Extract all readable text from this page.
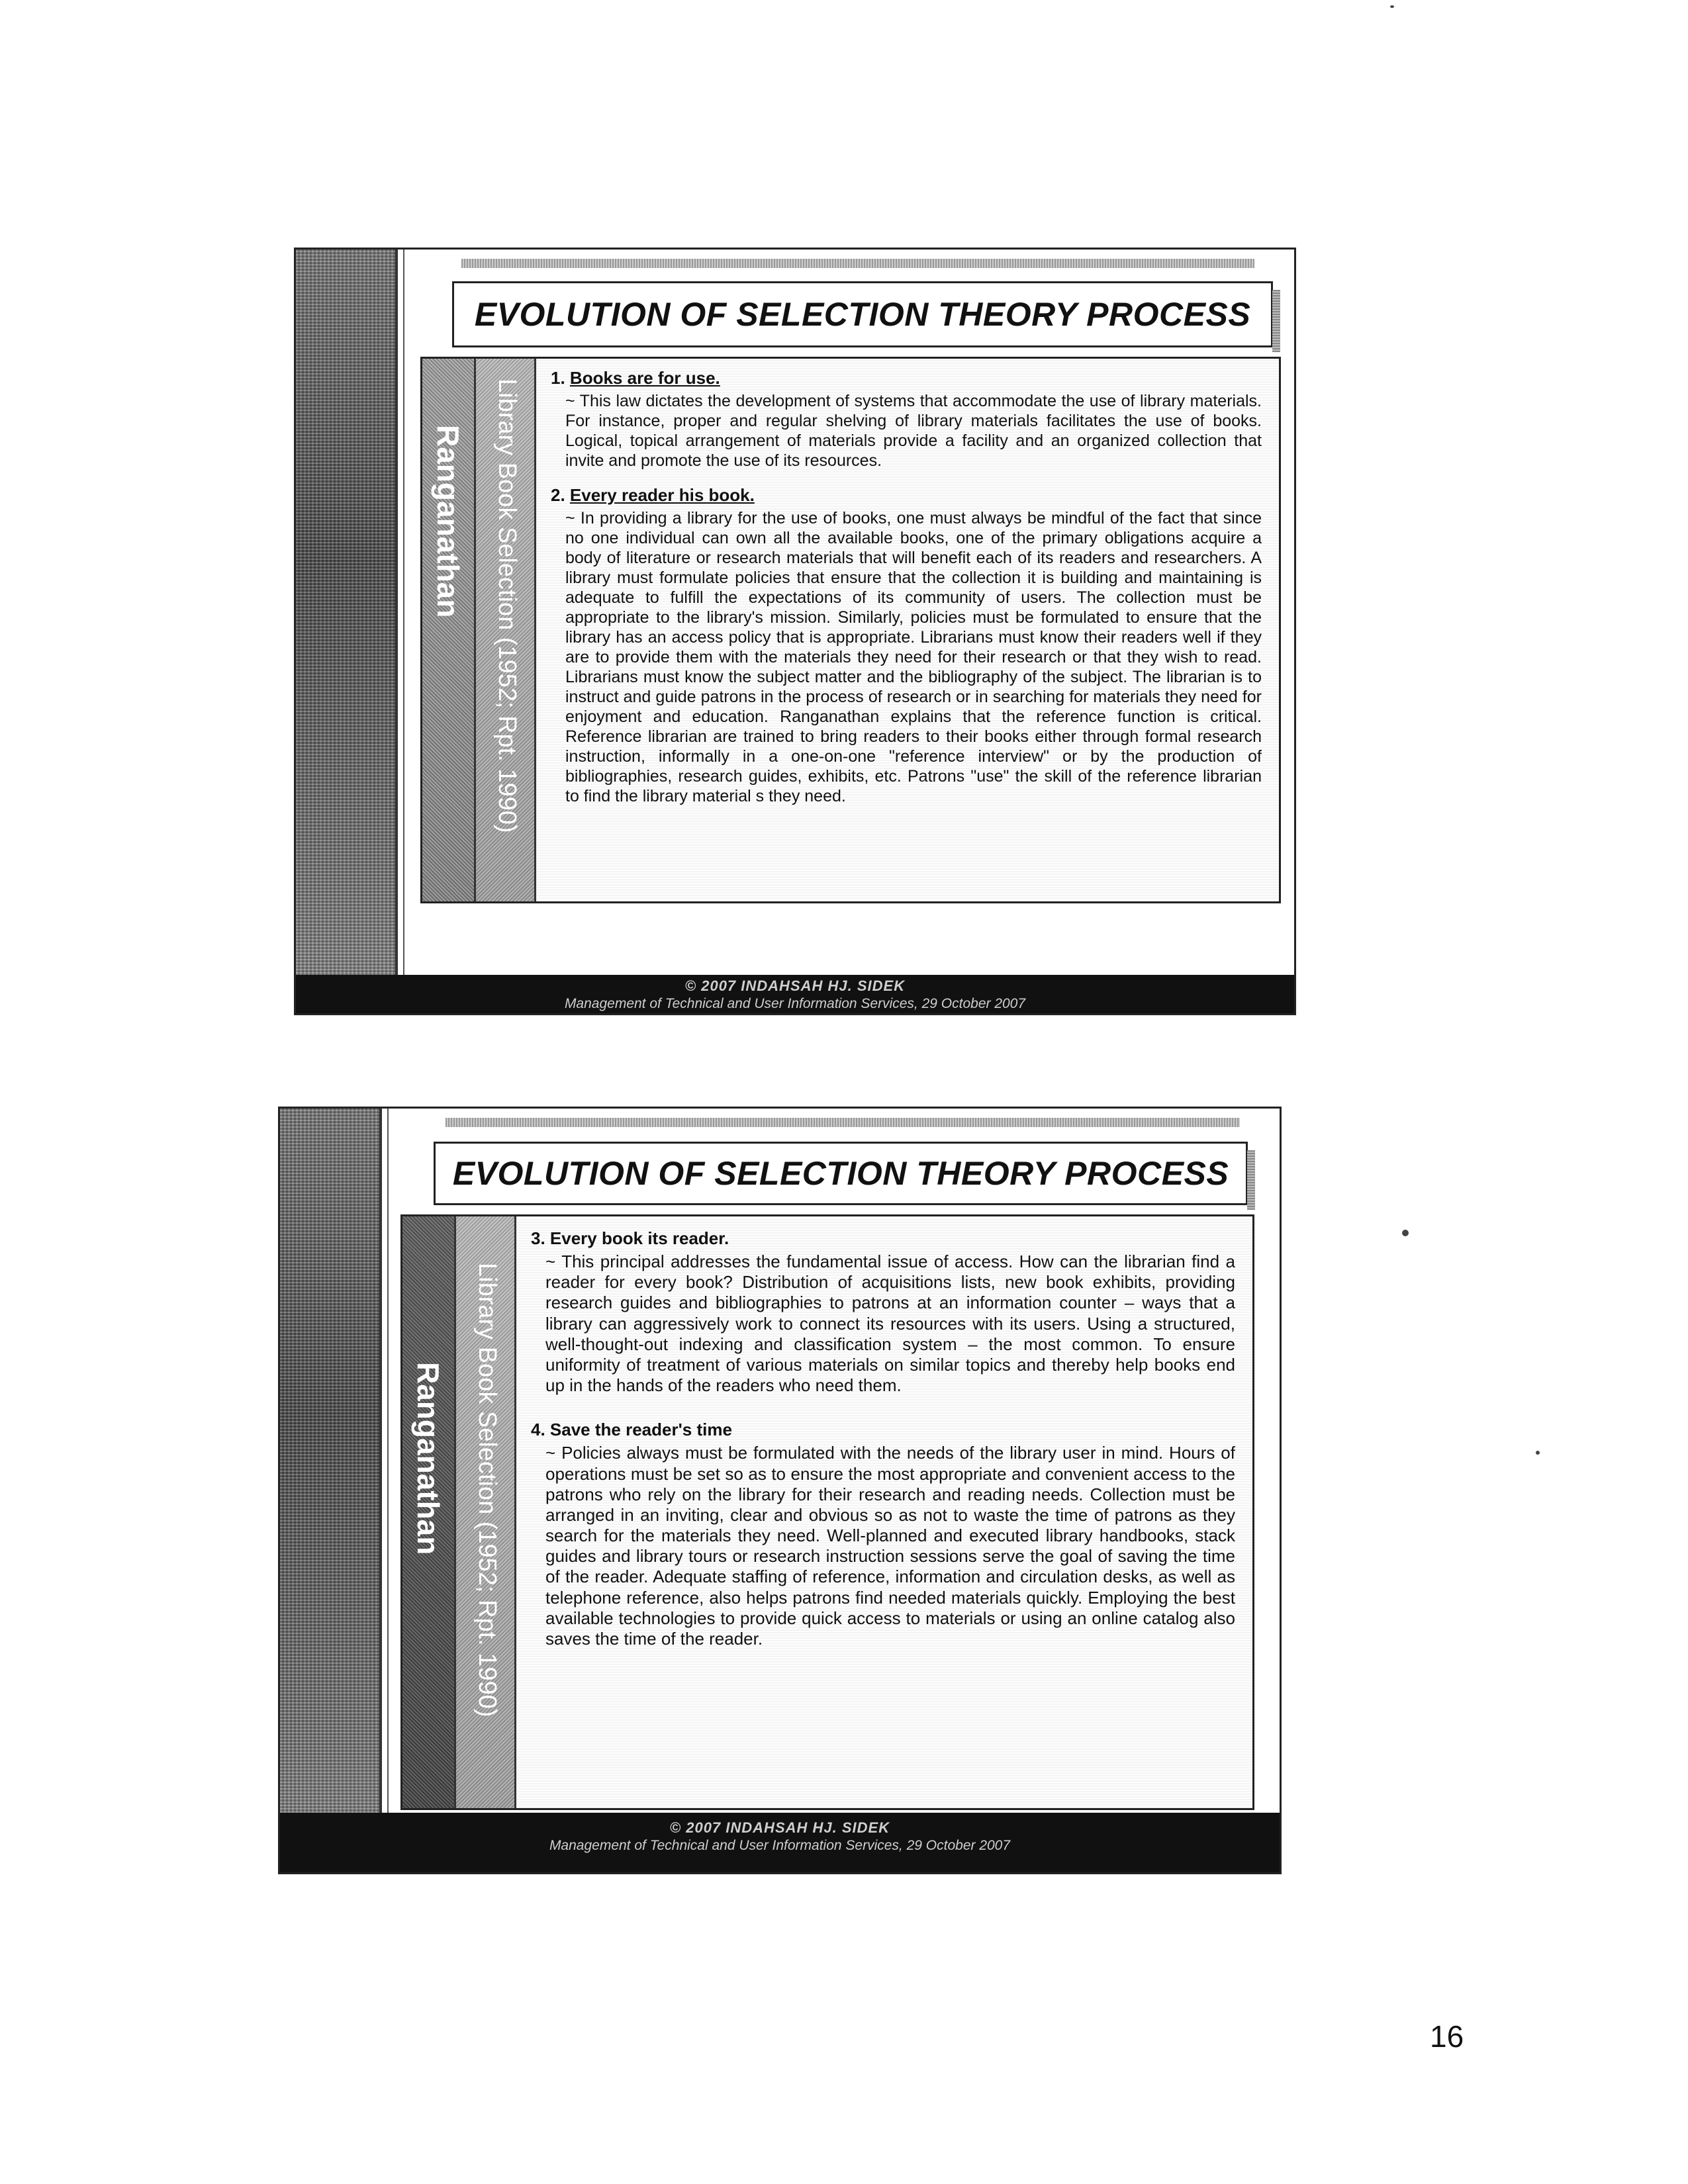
EVOLUTION OF SELECTION THEORY PROCESS
Ranganathan Library Book Selection (1952; Rpt. 1990)
1. Books are for use.
~ This law dictates the development of systems that accommodate the use of library materials. For instance, proper and regular shelving of library materials facilitates the use of books. Logical, topical arrangement of materials provide a facility and an organized collection that invite and promote the use of its resources.
2. Every reader his book.
~ In providing a library for the use of books, one must always be mindful of the fact that since no one individual can own all the available books, one of the primary obligations acquire a body of literature or research materials that will benefit each of its readers and researchers. A library must formulate policies that ensure that the collection it is building and maintaining is adequate to fulfill the expectations of its community of users. The collection must be appropriate to the library's mission. Similarly, policies must be formulated to ensure that the library has an access policy that is appropriate. Librarians must know their readers well if they are to provide them with the materials they need for their research or that they wish to read. Librarians must know the subject matter and the bibliography of the subject. The librarian is to instruct and guide patrons in the process of research or in searching for materials they need for enjoyment and education. Ranganathan explains that the reference function is critical. Reference librarian are trained to bring readers to their books either through formal research instruction, informally in a one-on-one "reference interview" or by the production of bibliographies, research guides, exhibits, etc. Patrons "use" the skill of the reference librarian to find the library material s they need.
© 2007 INDAHSAH HJ. SIDEK
Management of Technical and User Information Services, 29 October 2007
EVOLUTION OF SELECTION THEORY PROCESS
Ranganathan Library Book Selection (1952; Rpt. 1990)
3. Every book its reader.
~ This principal addresses the fundamental issue of access. How can the librarian find a reader for every book? Distribution of acquisitions lists, new book exhibits, providing research guides and bibliographies to patrons at an information counter – ways that a library can aggressively work to connect its resources with its users. Using a structured, well-thought-out indexing and classification system – the most common. To ensure uniformity of treatment of various materials on similar topics and thereby help books end up in the hands of the readers who need them.
4. Save the reader's time
~ Policies always must be formulated with the needs of the library user in mind. Hours of operations must be set so as to ensure the most appropriate and convenient access to the patrons who rely on the library for their research and reading needs. Collection must be arranged in an inviting, clear and obvious so as not to waste the time of patrons as they search for the materials they need. Well-planned and executed library handbooks, stack guides and library tours or research instruction sessions serve the goal of saving the time of the reader. Adequate staffing of reference, information and circulation desks, as well as telephone reference, also helps patrons find needed materials quickly. Employing the best available technologies to provide quick access to materials or using an online catalog also saves the time of the reader.
© 2007 INDAHSAH HJ. SIDEK
Management of Technical and User Information Services, 29 October 2007
16
